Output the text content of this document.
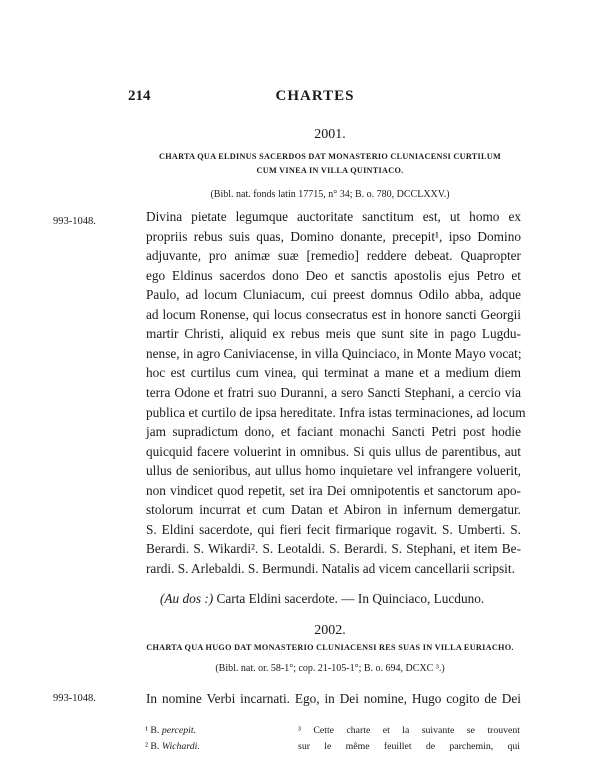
214	CHARTES
2001.
CHARTA QUA ELDINUS SACERDOS DAT MONASTERIO CLUNIACENSI CURTILUM
CUM VINEA IN VILLA QUINTIACO.
(Bibl. nat. fonds latin 17715, n° 34; B. o. 780, DCCLXXV.)
993-1048.	Divina pietate legumque auctoritate sanctitum est, ut homo ex
propriis rebus suis quas, Domino donante, precepit¹, ipso Domino
adjuvante, pro animæ suæ [remedio] reddere debeat. Quapropter
ego Eldinus sacerdos dono Deo et sanctis apostolis ejus Petro et
Paulo, ad locum Cluniacum, cui preest domnus Odilo abba, adque
ad locum Ronense, qui locus consecratus est in honore sancti Georgii
martir Christi, aliquid ex rebus meis que sunt site in pago Lugdu-
nense, in agro Caniviacense, in villa Quinciaco, in Monte Mayo vocat;
hoc est curtilus cum vinea, qui terminat a mane et a medium diem
terra Odone et fratri suo Duranni, a sero Sancti Stephani, a cercio via
publica et curtilo de ipsa hereditate. Infra istas terminaciones, ad locum
jam supradictum dono, et faciant monachi Sancti Petri post hodie
quicquid facere voluerint in omnibus. Si quis ullus de parentibus, aut
ullus de senioribus, aut ullus homo inquietare vel infrangere voluerit,
non vindicet quod repetit, set ira Dei omnipotentis et sanctorum apo-
stolorum incurrat et cum Datan et Abiron in infernum demergatur.
S. Eldini sacerdote, qui fieri fecit firmarique rogavit. S. Umberti. S.
Berardi. S. Wikardi². S. Leotaldi. S. Berardi. S. Stephani, et item Be-
rardi. S. Arlebaldi. S. Bermundi. Natalis ad vicem cancellarii scripsit.
(Au dos :) Carta Eldini sacerdote. — In Quinciaco, Lucduno.
2002.
CHARTA QUA HUGO DAT MONASTERIO CLUNIACENSI RES SUAS IN VILLA EURIACHO.
(Bibl. nat. or. 58-1°; cop. 21-105-1°; B. o. 694, DCXC ³.)
993-1048.	In nomine Verbi incarnati. Ego, in Dei nomine, Hugo cogito de Dei
¹ B. percepit.
² B. Wichardi.
³ Cette charte et la suivante se trouvent
sur le même feuillet de parchemin, qui
